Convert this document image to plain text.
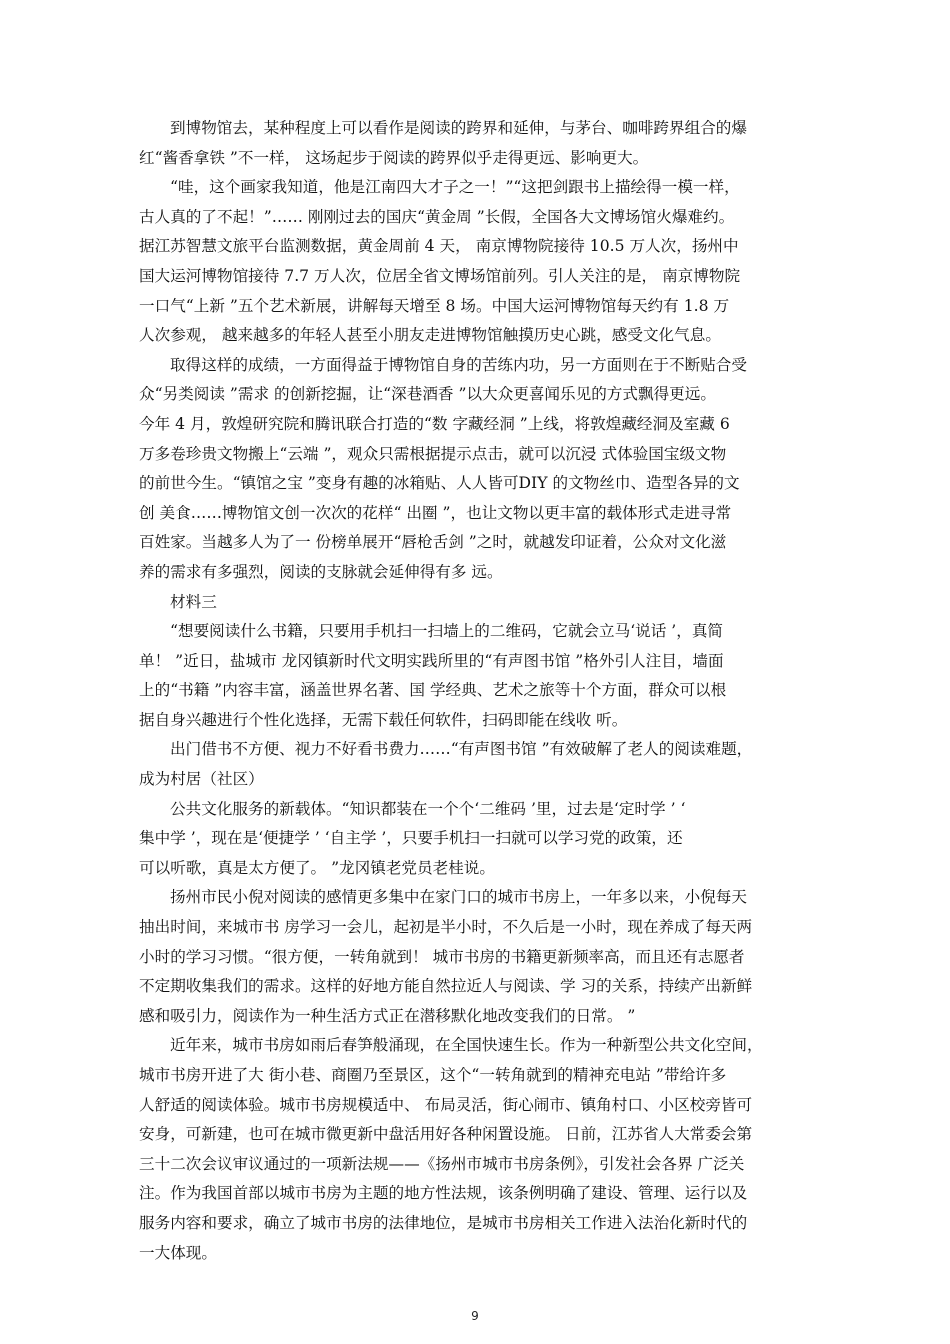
到博物馆去，某种程度上可以看作是阅读的跨界和延伸，与茅台、咖啡跨界组合的爆
红“酱香拿铁 ”不一样， 这场起步于阅读的跨界似乎走得更远、影响更大。
“哇，这个画家我知道，他是江南四大才子之一！”“这把剑跟书上描绘得一模一样，
古人真的了不起！”…… 刚刚过去的国庆“黄金周 ”长假，全国各大文博场馆火爆难约。
据江苏智慧文旅平台监测数据，黄金周前 4 天， 南京博物院接待 10.5 万人次，扬州中
国大运河博物馆接待 7.7 万人次，位居全省文博场馆前列。引人关注的是， 南京博物院
一口气“上新 ”五个艺术新展，讲解每天增至 8 场。中国大运河博物馆每天约有 1.8 万
人次参观， 越来越多的年轻人甚至小朋友走进博物馆触摸历史心跳，感受文化气息。
取得这样的成绩，一方面得益于博物馆自身的苦练内功，另一方面则在于不断贴合受
众“另类阅读 ”需求 的创新挖掘，让“深巷酒香 ”以大众更喜闻乐见的方式飘得更远。
今年 4 月，敦煌研究院和腾讯联合打造的“数 字藏经洞 ”上线，将敦煌藏经洞及室藏 6
万多卷珍贵文物搬上“云端 ”，观众只需根据提示点击，就可以沉浸 式体验国宝级文物
的前世今生。“镇馆之宝 ”变身有趣的冰箱贴、人人皆可DIY 的文物丝巾、造型各异的文
创 美食……博物馆文创一次次的花样“ 出圈 ”，也让文物以更丰富的载体形式走进寻常
百姓家。当越多人为了一 份榜单展开“唇枪舌剑 ”之时，就越发印证着，公众对文化滋
养的需求有多强烈，阅读的支脉就会延伸得有多 远。
材料三
“想要阅读什么书籍，只要用手机扫一扫墙上的二维码，它就会立马‘说话 ’，真简
单！ ”近日，盐城市 龙冈镇新时代文明实践所里的“有声图书馆 ”格外引人注目，墙面
上的“书籍 ”内容丰富，涵盖世界名著、国 学经典、艺术之旅等十个方面，群众可以根
据自身兴趣进行个性化选择，无需下载任何软件，扫码即能在线收 听。
出门借书不方便、视力不好看书费力……“有声图书馆 ”有效破解了老人的阅读难题，
成为村居（社区）
公共文化服务的新载体。“知识都装在一个个‘二维码 ’里，过去是‘定时学 ’ ‘
集中学 ’，现在是‘便捷学 ’ ‘自主学 ’，只要手机扫一扫就可以学习党的政策，还
可以听歌，真是太方便了。 ”龙冈镇老党员老桂说。
扬州市民小倪对阅读的感情更多集中在家门口的城市书房上，一年多以来，小倪每天
抽出时间，来城市书 房学习一会儿，起初是半小时，不久后是一小时，现在养成了每天两
小时的学习习惯。“很方便，一转角就到！ 城市书房的书籍更新频率高，而且还有志愿者
不定期收集我们的需求。这样的好地方能自然拉近人与阅读、学 习的关系，持续产出新鲜
感和吸引力，阅读作为一种生活方式正在潜移默化地改变我们的日常。 ”
近年来，城市书房如雨后春笋般涌现，在全国快速生长。作为一种新型公共文化空间，
城市书房开进了大 街小巷、商圈乃至景区，这个“一转角就到的精神充电站 ”带给许多
人舒适的阅读体验。城市书房规模适中、 布局灵活，街心闹市、镇角村口、小区校旁皆可
安身，可新建，也可在城市微更新中盘活用好各种闲置设施。 日前，江苏省人大常委会第
三十二次会议审议通过的一项新法规——《扬州市城市书房条例》，引发社会各界 广泛关
注。作为我国首部以城市书房为主题的地方性法规，该条例明确了建设、管理、运行以及
服务内容和要求，确立了城市书房的法律地位，是城市书房相关工作进入法治化新时代的
一大体现。
9
